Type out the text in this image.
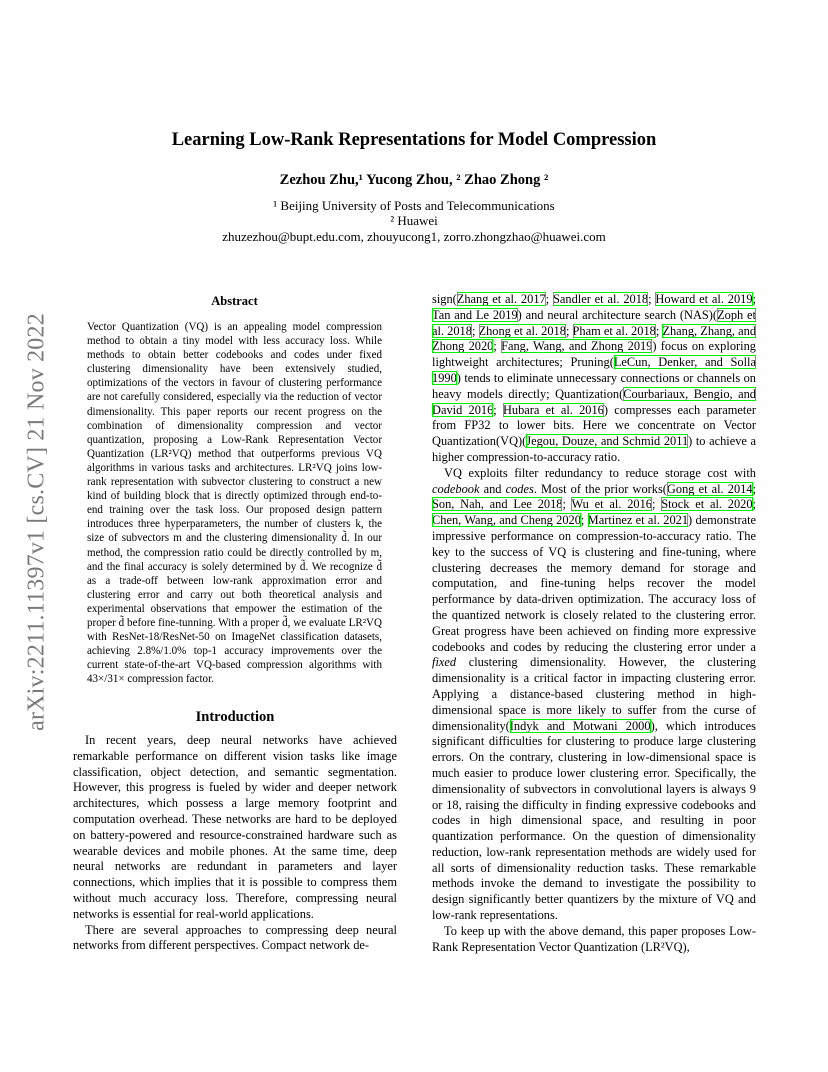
Learning Low-Rank Representations for Model Compression
Zezhou Zhu,¹ Yucong Zhou, ² Zhao Zhong ²
¹ Beijing University of Posts and Telecommunications
² Huawei
zhuzezhou@bupt.edu.com, zhouyucong1, zorro.zhongzhao@huawei.com
arXiv:2211.11397v1 [cs.CV] 21 Nov 2022
Abstract
Vector Quantization (VQ) is an appealing model compression method to obtain a tiny model with less accuracy loss. While methods to obtain better codebooks and codes under fixed clustering dimensionality have been extensively studied, optimizations of the vectors in favour of clustering performance are not carefully considered, especially via the reduction of vector dimensionality. This paper reports our recent progress on the combination of dimensionality compression and vector quantization, proposing a Low-Rank Representation Vector Quantization (LR²VQ) method that outperforms previous VQ algorithms in various tasks and architectures. LR²VQ joins low-rank representation with subvector clustering to construct a new kind of building block that is directly optimized through end-to-end training over the task loss. Our proposed design pattern introduces three hyperparameters, the number of clusters k, the size of subvectors m and the clustering dimensionality d̃. In our method, the compression ratio could be directly controlled by m, and the final accuracy is solely determined by d̃. We recognize d̃ as a trade-off between low-rank approximation error and clustering error and carry out both theoretical analysis and experimental observations that empower the estimation of the proper d̃ before fine-tunning. With a proper d̃, we evaluate LR²VQ with ResNet-18/ResNet-50 on ImageNet classification datasets, achieving 2.8%/1.0% top-1 accuracy improvements over the current state-of-the-art VQ-based compression algorithms with 43×/31× compression factor.
Introduction

In recent years, deep neural networks have achieved remarkable performance on different vision tasks like image classification, object detection, and semantic segmentation. However, this progress is fueled by wider and deeper network architectures, which possess a large memory footprint and computation overhead. These networks are hard to be deployed on battery-powered and resource-constrained hardware such as wearable devices and mobile phones. At the same time, deep neural networks are redundant in parameters and layer connections, which implies that it is possible to compress them without much accuracy loss. Therefore, compressing neural networks is essential for real-world applications.

There are several approaches to compressing deep neural networks from different perspectives. Compact network de-

sign(Zhang et al. 2017; Sandler et al. 2018; Howard et al. 2019; Tan and Le 2019) and neural architecture search (NAS)(Zoph et al. 2018; Zhong et al. 2018; Pham et al. 2018; Zhang, Zhang, and Zhong 2020; Fang, Wang, and Zhong 2019) focus on exploring lightweight architectures; Pruning(LeCun, Denker, and Solla 1990) tends to eliminate unnecessary connections or channels on heavy models directly; Quantization(Courbariaux, Bengio, and David 2016; Hubara et al. 2016) compresses each parameter from FP32 to lower bits. Here we concentrate on Vector Quantization(VQ)(Jegou, Douze, and Schmid 2011) to achieve a higher compression-to-accuracy ratio.

VQ exploits filter redundancy to reduce storage cost with codebook and codes. Most of the prior works(Gong et al. 2014; Son, Nah, and Lee 2018; Wu et al. 2016; Stock et al. 2020; Chen, Wang, and Cheng 2020; Martinez et al. 2021) demonstrate impressive performance on compression-to-accuracy ratio. The key to the success of VQ is clustering and fine-tuning, where clustering decreases the memory demand for storage and computation, and fine-tuning helps recover the model performance by data-driven optimization. The accuracy loss of the quantized network is closely related to the clustering error. Great progress have been achieved on finding more expressive codebooks and codes by reducing the clustering error under a fixed clustering dimensionality. However, the clustering dimensionality is a critical factor in impacting clustering error. Applying a distance-based clustering method in high-dimensional space is more likely to suffer from the curse of dimensionality(Indyk and Motwani 2000), which introduces significant difficulties for clustering to produce large clustering errors. On the contrary, clustering in low-dimensional space is much easier to produce lower clustering error. Specifically, the dimensionality of subvectors in convolutional layers is always 9 or 18, raising the difficulty in finding expressive codebooks and codes in high dimensional space, and resulting in poor quantization performance. On the question of dimensionality reduction, low-rank representation methods are widely used for all sorts of dimensionality reduction tasks. These remarkable methods invoke the demand to investigate the possibility to design significantly better quantizers by the mixture of VQ and low-rank representations.

To keep up with the above demand, this paper proposes Low-Rank Representation Vector Quantization (LR²VQ),
